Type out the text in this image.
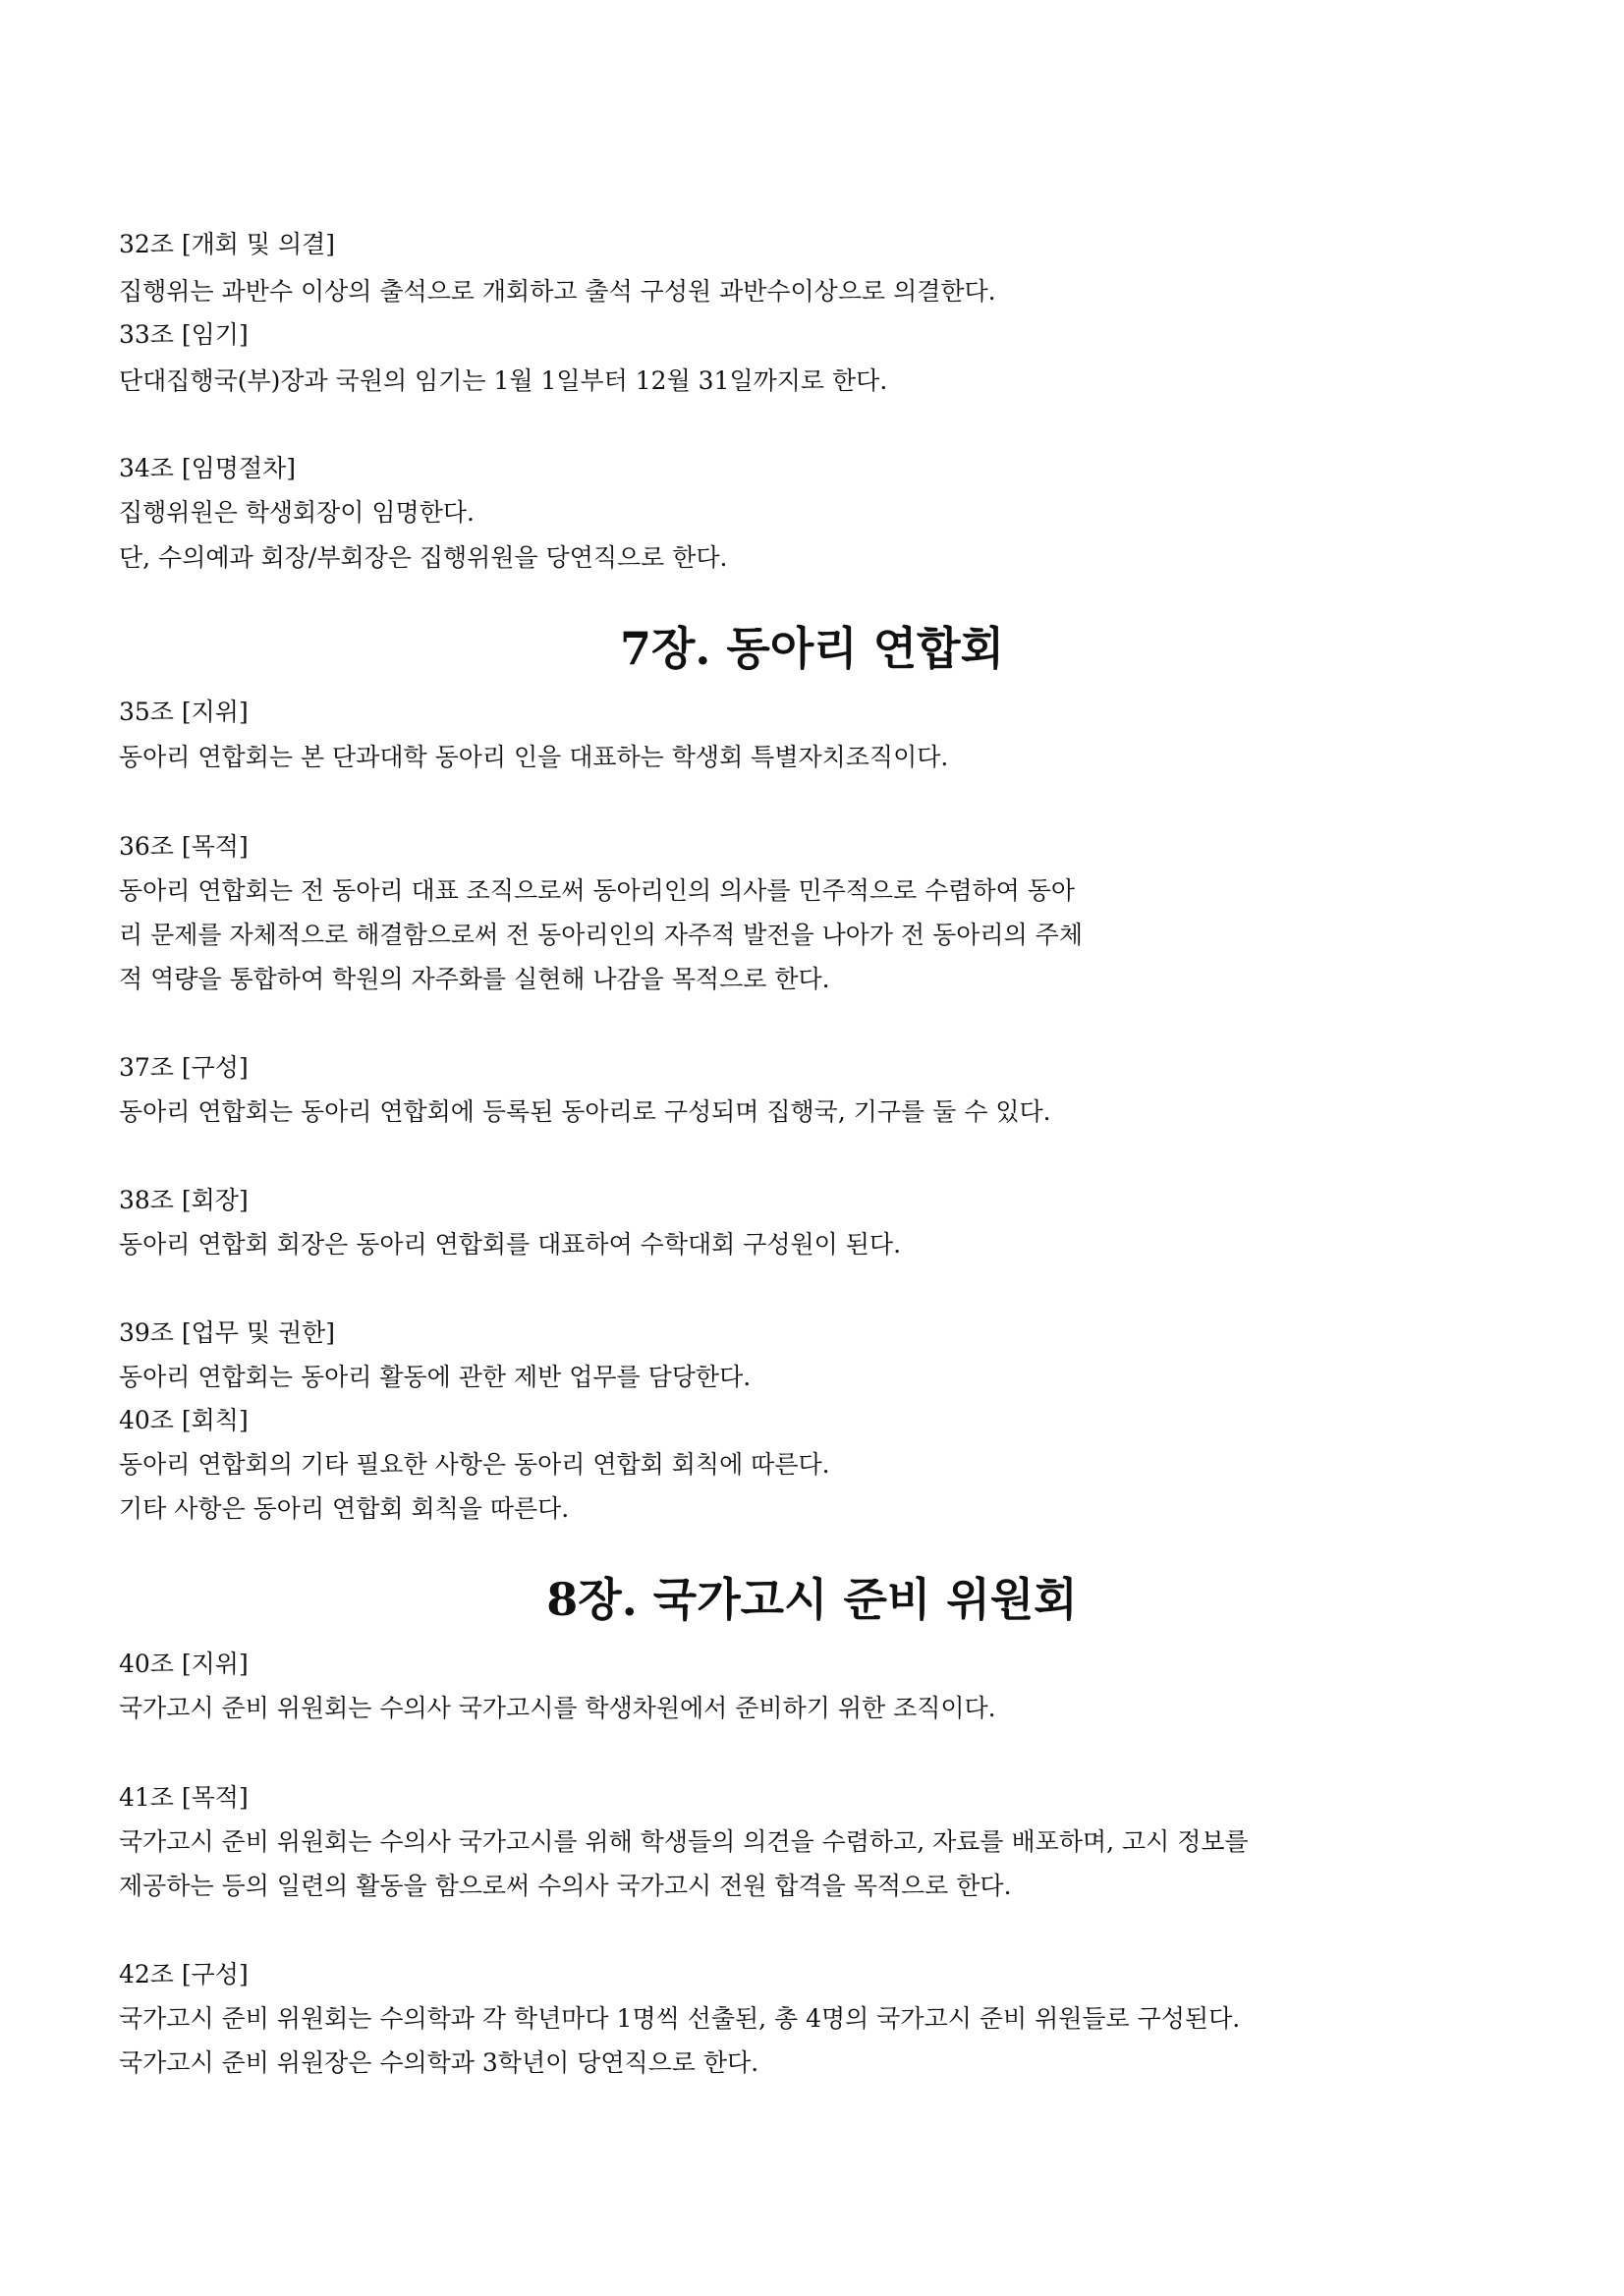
32조 [개회 및 의결]
집행위는 과반수 이상의 출석으로 개회하고 출석 구성원 과반수이상으로 의결한다.
33조 [임기]
단대집행국(부)장과 국원의 임기는 1월 1일부터 12월 31일까지로 한다.
34조 [임명절차]
집행위원은 학생회장이 임명한다.
단, 수의예과 회장/부회장은 집행위원을 당연직으로 한다.
7장. 동아리 연합회
35조 [지위]
동아리 연합회는 본 단과대학 동아리 인을 대표하는 학생회 특별자치조직이다.
36조 [목적]
동아리 연합회는 전 동아리 대표 조직으로써 동아리인의 의사를 민주적으로 수렴하여 동아
리 문제를 자체적으로 해결함으로써 전 동아리인의 자주적 발전을 나아가 전 동아리의 주체
적 역량을 통합하여 학원의 자주화를 실현해 나감을 목적으로 한다.
37조 [구성]
동아리 연합회는 동아리 연합회에 등록된 동아리로 구성되며 집행국, 기구를 둘 수 있다.
38조 [회장]
동아리 연합회 회장은 동아리 연합회를 대표하여 수학대회 구성원이 된다.
39조 [업무 및 권한]
동아리 연합회는 동아리 활동에 관한 제반 업무를 담당한다.
40조 [회칙]
동아리 연합회의 기타 필요한 사항은 동아리 연합회 회칙에 따른다.
기타 사항은 동아리 연합회 회칙을 따른다.
8장. 국가고시 준비 위원회
40조 [지위]
국가고시 준비 위원회는 수의사 국가고시를 학생차원에서 준비하기 위한 조직이다.
41조 [목적]
국가고시 준비 위원회는 수의사 국가고시를 위해 학생들의 의견을 수렴하고, 자료를 배포하며, 고시 정보를
제공하는 등의 일련의 활동을 함으로써 수의사 국가고시 전원 합격을 목적으로 한다.
42조 [구성]
국가고시 준비 위원회는 수의학과 각 학년마다 1명씩 선출된, 총 4명의 국가고시 준비 위원들로 구성된다.
국가고시 준비 위원장은 수의학과 3학년이 당연직으로 한다.
